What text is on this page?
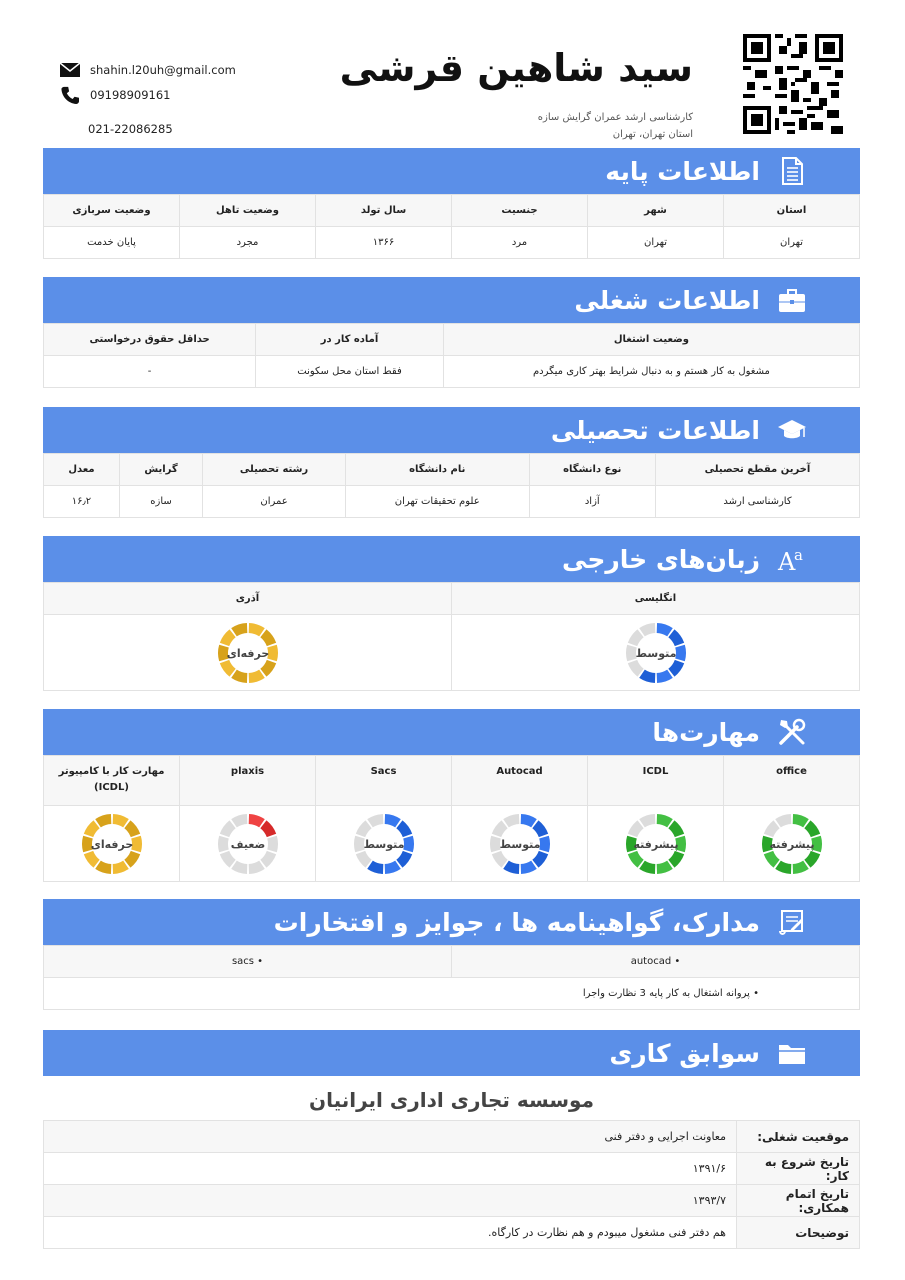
سید شاهین قرشی
کارشناسی ارشد عمران گرایش سازه
استان تهران، تهران
shahin.l20uh@gmail.com
09198909161
021-22086285
اطلاعات پایه
استان	شهر	جنسیت	سال تولد	وضعیت تاهل	وضعیت سربازی
تهران	تهران	مرد	۱۳۶۶	مجرد	پایان خدمت
اطلاعات شغلی
وضعیت اشتغال	آماده کار در	حداقل حقوق درخواستی
مشغول به کار هستم و به دنبال شرایط بهتر کاری میگردم	فقط استان محل سکونت	-
اطلاعات تحصیلی
آخرین مقطع تحصیلی	نوع دانشگاه	نام دانشگاه	رشته تحصیلی	گرایش	معدل
کارشناسی ارشد	آزاد	علوم تحقیقات تهران	عمران	سازه	۱۶٫۲
A
a
زبان‌های خارجی
انگلیسی	آذری

متوسط	حرفه‌ای
مهارت‌ها
office	ICDL	Autocad	Sacs	plaxis	مهارت کار با کامپیوتر (ICDL)

پیشرفته	پیشرفته	متوسط	متوسط	ضعیف	حرفه‌ای
مدارک، گواهینامه ها ، جوایز و افتخارات
• autocad	• sacs
• پروانه اشتغال به کار پایه 3 نظارت واجرا
سوابق کاری
موسسه تجاری اداری ایرانیان
موقعیت شغلی:	معاونت اجرایی و دفتر فنی
تاریخ شروع به کار:	۱۳۹۱/۶
تاریخ اتمام همکاری:	۱۳۹۳/۷
توضیحات	هم دفتر فنی مشغول میبودم و هم نظارت در کارگاه.
